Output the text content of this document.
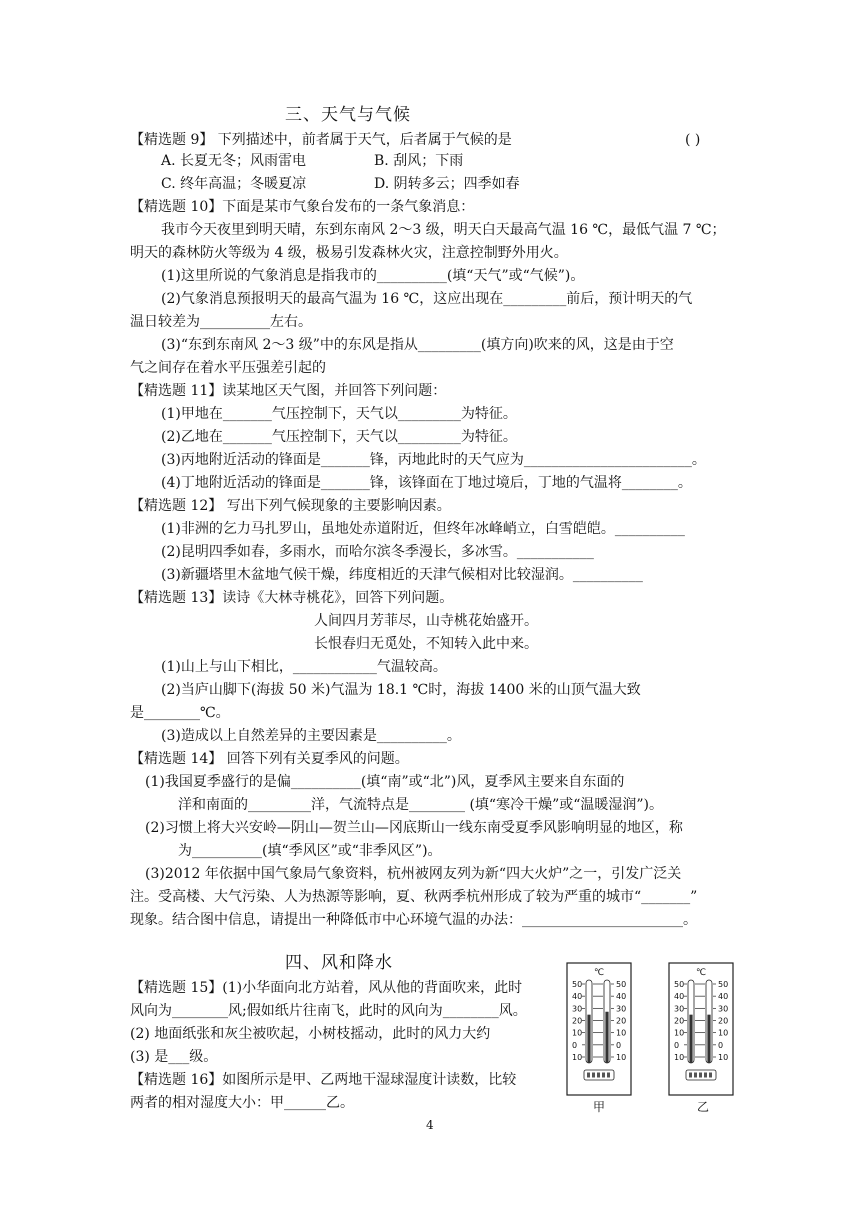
三、天气与气候
【精选题 9】 下列描述中，前者属于天气，后者属于气候的是	( )
A. 长夏无冬；风雨雷电	B. 刮风；下雨
C. 终年高温；冬暖夏凉	D. 阴转多云；四季如春
【精选题 10】下面是某市气象台发布的一条气象消息：
我市今天夜里到明天晴，东到东南风 2～3 级，明天白天最高气温 16 ℃，最低气温 7 ℃；
明天的森林防火等级为 4 级，极易引发森林火灾，注意控制野外用火。
(1)这里所说的气象消息是指我市的__________(填“天气”或“气候”)。
(2)气象消息预报明天的最高气温为 16 ℃，这应出现在_________前后，预计明天的气
温日较差为__________左右。
(3)“东到东南风 2～3 级”中的东风是指从_________(填方向)吹来的风，这是由于空
气之间存在着水平压强差引起的
【精选题 11】读某地区天气图，并回答下列问题：
(1)甲地在_______气压控制下，天气以_________为特征。
(2)乙地在_______气压控制下，天气以_________为特征。
(3)丙地附近活动的锋面是_______锋，丙地此时的天气应为________________________。
(4)丁地附近活动的锋面是_______锋，该锋面在丁地过境后，丁地的气温将________。
【精选题 12】 写出下列气候现象的主要影响因素。
(1)非洲的乞力马扎罗山，虽地处赤道附近，但终年冰峰峭立，白雪皑皑。__________
(2)昆明四季如春，多雨水，而哈尔滨冬季漫长，多冰雪。___________
(3)新疆塔里木盆地气候干燥，纬度相近的天津气候相对比较湿润。__________
【精选题 13】读诗《大林寺桃花》，回答下列问题。
人间四月芳菲尽，山寺桃花始盛开。
长恨春归无觅处，不知转入此中来。
(1)山上与山下相比，____________气温较高。
(2)当庐山脚下(海拔 50 米)气温为 18.1 ℃时，海拔 1400 米的山顶气温大致
是________℃。
(3)造成以上自然差异的主要因素是__________。
【精选题 14】 回答下列有关夏季风的问题。
(1)我国夏季盛行的是偏__________(填“南”或“北”)风，夏季风主要来自东面的
洋和南面的_________洋，气流特点是________ (填“寒冷干燥”或“温暖湿润”)。
(2)习惯上将大兴安岭—阴山—贺兰山—冈底斯山一线东南受夏季风影响明显的地区，称
为__________(填“季风区”或“非季风区”)。
(3)2012 年依据中国气象局气象资料，杭州被网友列为新“四大火炉”之一，引发广泛关
注。受高楼、大气污染、人为热源等影响，夏、秋两季杭州形成了较为严重的城市“_______”
现象。结合图中信息，请提出一种降低市中心环境气温的办法：_______________________。
四、风和降水
【精选题 15】(1)小华面向北方站着，风从他的背面吹来，此时
风向为________风;假如纸片往南飞，此时的风向为________风。
(2) 地面纸张和灰尘被吹起，小树枝摇动，此时的风力大约
(3) 是___级。
【精选题 16】如图所示是甲、乙两地干湿球湿度计读数，比较
两者的相对湿度大小：甲______乙。
℃
50	50
40	40
30	30
20	20
10	10
0	0
10	10
甲
℃
50	50
40	40
30	30
20	20
10	10
0	0
10	10
乙
4
